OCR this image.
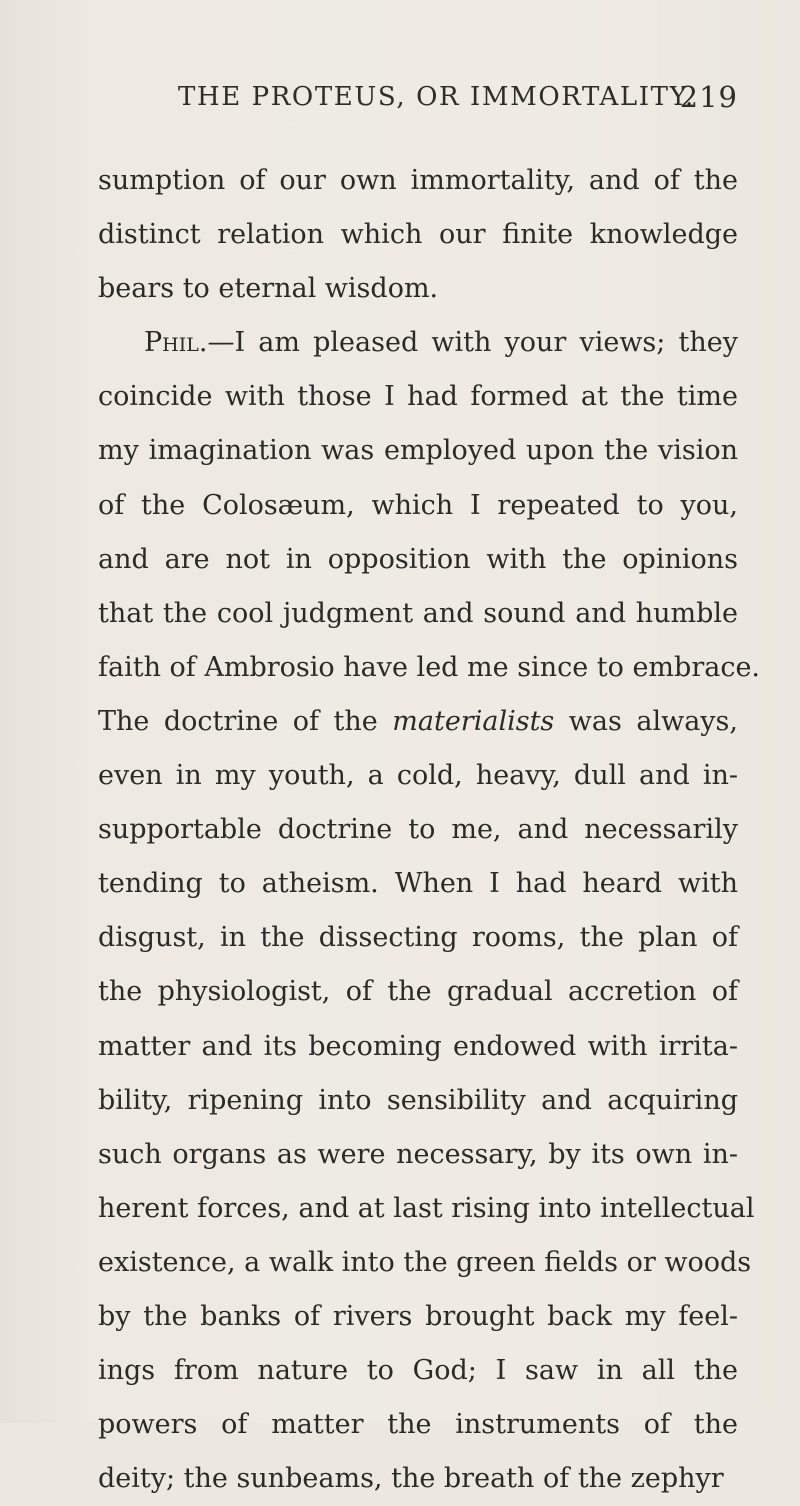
THE PROTEUS, OR IMMORTALITY.
219
sumption of our own immortality, and of the
distinct relation which our finite knowledge
bears to eternal wisdom.
Phil.—I am pleased with your views; they
coincide with those I had formed at the time
my imagination was employed upon the vision
of the Colosæum, which I repeated to you,
and are not in opposition with the opinions
that the cool judgment and sound and humble
faith of Ambrosio have led me since to embrace.
The doctrine of the materialists was always,
even in my youth, a cold, heavy, dull and in-
supportable doctrine to me, and necessarily
tending to atheism. When I had heard with
disgust, in the dissecting rooms, the plan of
the physiologist, of the gradual accretion of
matter and its becoming endowed with irrita-
bility, ripening into sensibility and acquiring
such organs as were necessary, by its own in-
herent forces, and at last rising into intellectual
existence, a walk into the green fields or woods
by the banks of rivers brought back my feel-
ings from nature to God; I saw in all the
powers of matter the instruments of the
deity; the sunbeams, the breath of the zephyr
